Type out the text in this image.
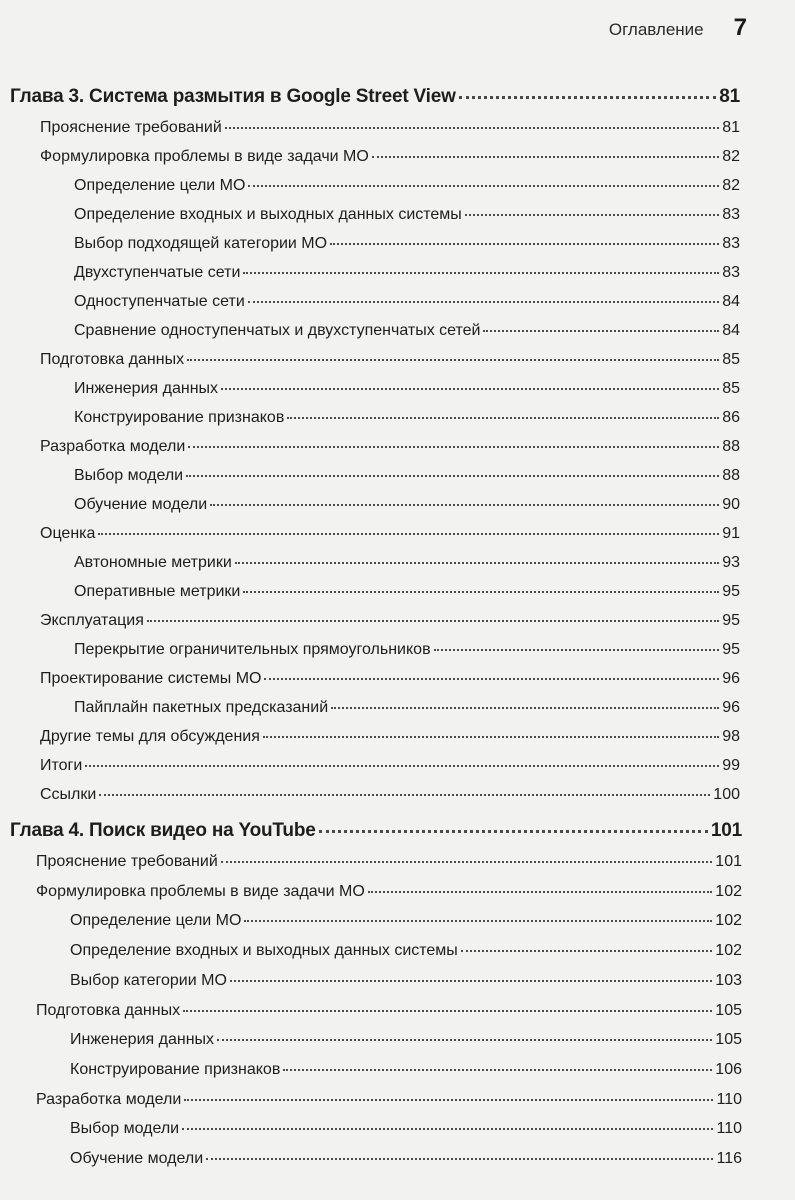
Оглавление 7
Глава 3. Система размытия в Google Street View	81
Прояснение требований	81
Формулировка проблемы в виде задачи МО	82
Определение цели МО	82
Определение входных и выходных данных системы	83
Выбор подходящей категории МО	83
Двухступенчатые сети	83
Одноступенчатые сети	84
Сравнение одноступенчатых и двухступенчатых сетей	84
Подготовка данных	85
Инженерия данных	85
Конструирование признаков	86
Разработка модели	88
Выбор модели	88
Обучение модели	90
Оценка	91
Автономные метрики	93
Оперативные метрики	95
Эксплуатация	95
Перекрытие ограничительных прямоугольников	95
Проектирование системы МО	96
Пайплайн пакетных предсказаний	96
Другие темы для обсуждения	98
Итоги	99
Ссылки	100
Глава 4. Поиск видео на YouTube	101
Прояснение требований	101
Формулировка проблемы в виде задачи МО	102
Определение цели МО	102
Определение входных и выходных данных системы	102
Выбор категории МО	103
Подготовка данных	105
Инженерия данных	105
Конструирование признаков	106
Разработка модели	110
Выбор модели	110
Обучение модели	116
